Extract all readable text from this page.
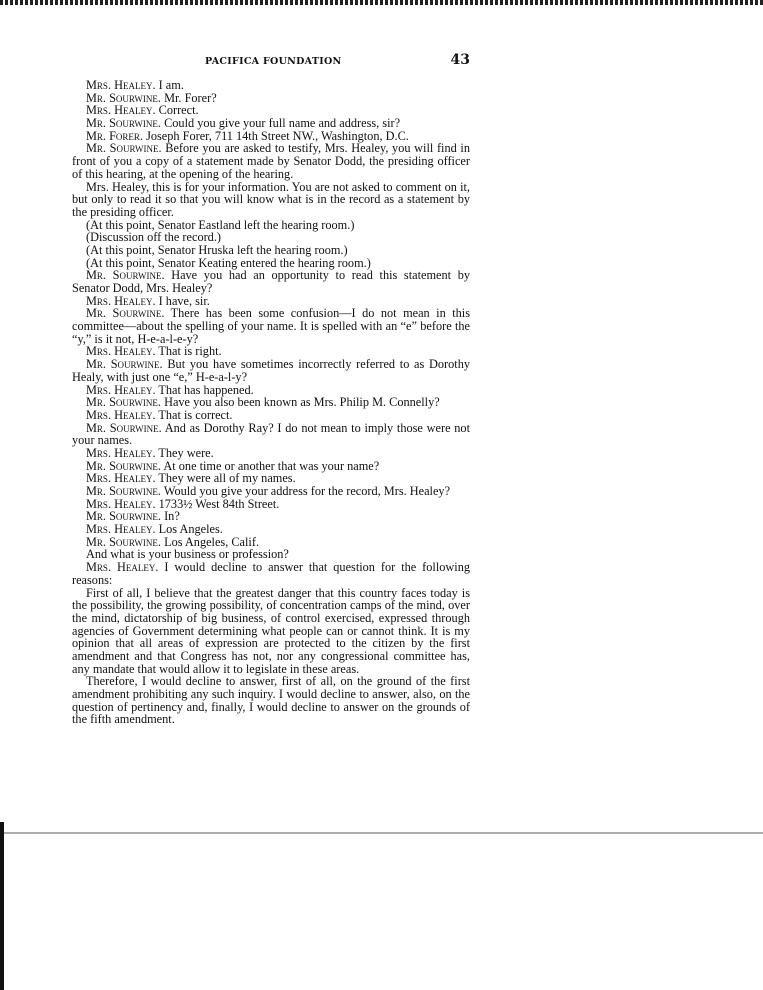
PACIFICA FOUNDATION	43

Mrs. Healey. I am.

Mr. Sourwine. Mr. Forer?

Mrs. Healey. Correct.

Mr. Sourwine. Could you give your full name and address, sir?

Mr. Forer. Joseph Forer, 711 14th Street NW., Washington, D.C.

Mr. Sourwine. Before you are asked to testify, Mrs. Healey, you will find in front of you a copy of a statement made by Senator Dodd, the presiding officer of this hearing, at the opening of the hearing.

Mrs. Healey, this is for your information. You are not asked to comment on it, but only to read it so that you will know what is in the record as a statement by the presiding officer.

(At this point, Senator Eastland left the hearing room.)

(Discussion off the record.)

(At this point, Senator Hruska left the hearing room.)

(At this point, Senator Keating entered the hearing room.)

Mr. Sourwine. Have you had an opportunity to read this statement by Senator Dodd, Mrs. Healey?

Mrs. Healey. I have, sir.

Mr. Sourwine. There has been some confusion—I do not mean in this committee—about the spelling of your name. It is spelled with an “e” before the “y,” is it not, H-e-a-l-e-y?

Mrs. Healey. That is right.

Mr. Sourwine. But you have sometimes incorrectly referred to as Dorothy Healy, with just one “e,” H-e-a-l-y?

Mrs. Healey. That has happened.

Mr. Sourwine. Have you also been known as Mrs. Philip M. Connelly?

Mrs. Healey. That is correct.

Mr. Sourwine. And as Dorothy Ray? I do not mean to imply those were not your names.

Mrs. Healey. They were.

Mr. Sourwine. At one time or another that was your name?

Mrs. Healey. They were all of my names.

Mr. Sourwine. Would you give your address for the record, Mrs. Healey?

Mrs. Healey. 1733½ West 84th Street.

Mr. Sourwine. In?

Mrs. Healey. Los Angeles.

Mr. Sourwine. Los Angeles, Calif.

And what is your business or profession?

Mrs. Healey. I would decline to answer that question for the following reasons:

First of all, I believe that the greatest danger that this country faces today is the possibility, the growing possibility, of concentration camps of the mind, over the mind, dictatorship of big business, of control exercised, expressed through agencies of Government determining what people can or cannot think. It is my opinion that all areas of expression are protected to the citizen by the first amendment and that Congress has not, nor any congressional committee has, any mandate that would allow it to legislate in these areas.

Therefore, I would decline to answer, first of all, on the ground of the first amendment prohibiting any such inquiry. I would decline to answer, also, on the question of pertinency and, finally, I would decline to answer on the grounds of the fifth amendment.
